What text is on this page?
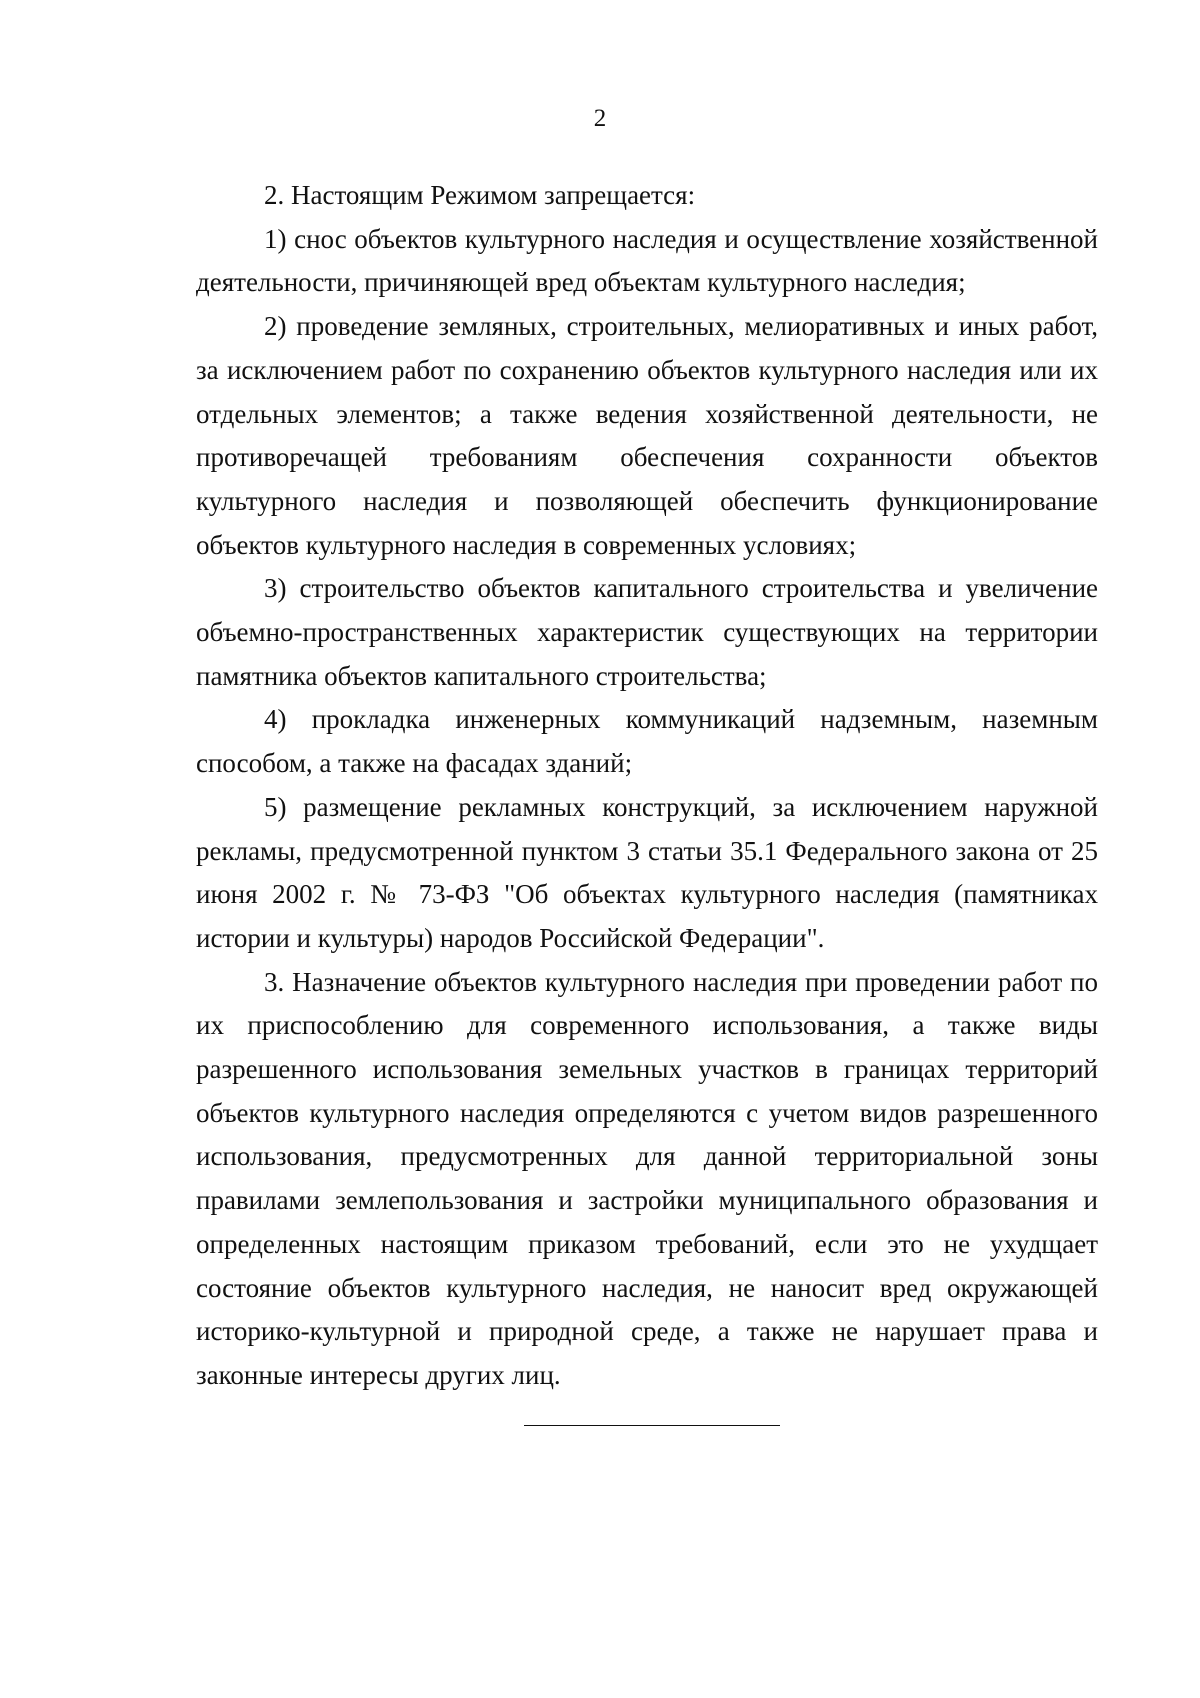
2

2. Настоящим Режимом запрещается:

1) снос объектов культурного наследия и осуществление хозяйственной деятельности, причиняющей вред объектам культурного наследия;

2) проведение земляных, строительных, мелиоративных и иных работ, за исключением работ по сохранению объектов культурного наследия или их отдельных элементов; а также ведения хозяйственной деятельности, не противоречащей требованиям обеспечения сохранности объектов культурного наследия и позволяющей обеспечить функционирование объектов культурного наследия в современных условиях;

3) строительство объектов капитального строительства и увеличение объемно-пространственных характеристик существующих на территории памятника объектов капитального строительства;

4) прокладка инженерных коммуникаций надземным, наземным способом, а также на фасадах зданий;

5) размещение рекламных конструкций, за исключением наружной рекламы, предусмотренной пунктом 3 статьи 35.1 Федерального закона от 25 июня 2002 г. № 73-ФЗ "Об объектах культурного наследия (памятниках истории и культуры) народов Российской Федерации".

3. Назначение объектов культурного наследия при проведении работ по их приспособлению для современного использования, а также виды разрешенного использования земельных участков в границах территорий объектов культурного наследия определяются с учетом видов разрешенного использования, предусмотренных для данной территориальной зоны правилами землепользования и застройки муниципального образования и определенных настоящим приказом требований, если это не ухудщает состояние объектов культурного наследия, не наносит вред окружающей историко-культурной и природной среде, а также не нарушает права и законные интересы других лиц.
